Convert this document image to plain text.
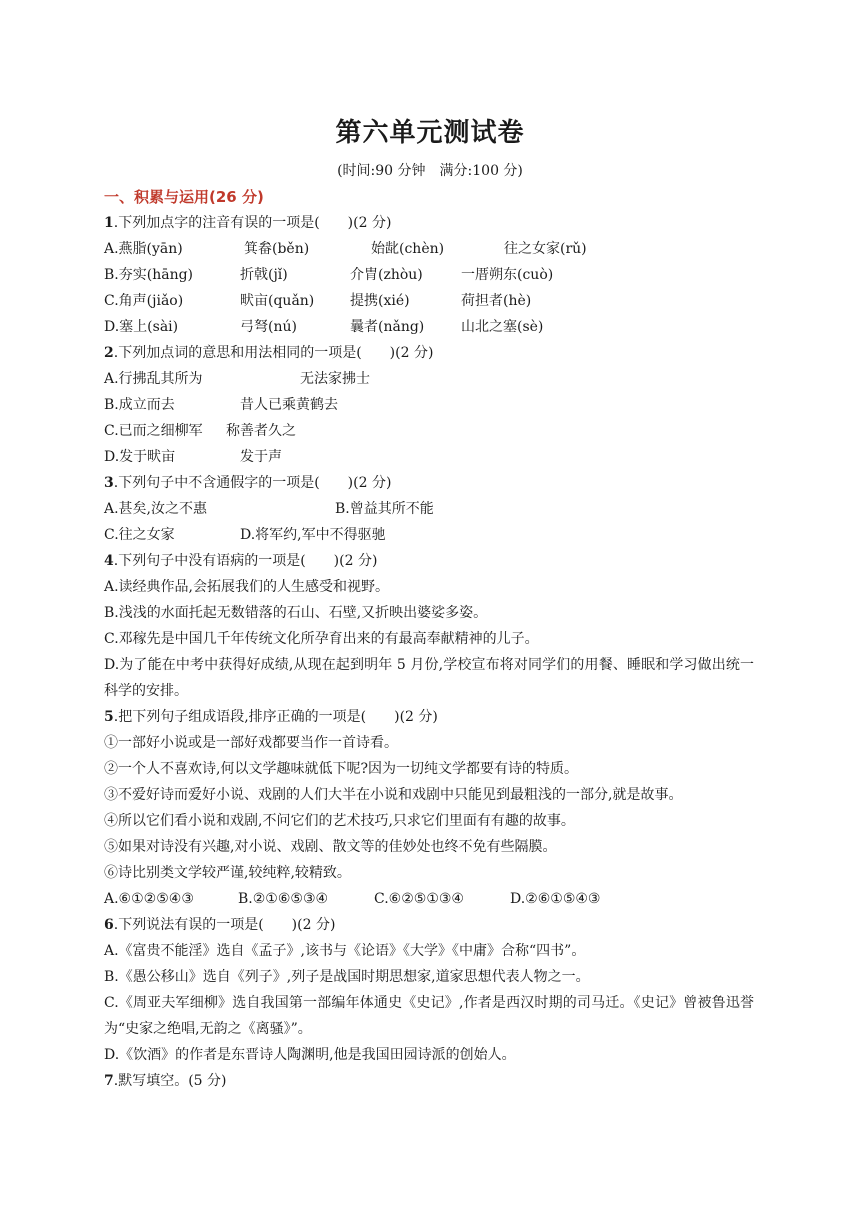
第六单元测试卷
(时间:90 分钟　满分:100 分)
一、积累与运用(26 分)
1.下列加点字的注音有误的一项是(　　)(2 分)
A.燕脂(yān)	箕畚(běn)	始龀(chèn)	往之女家(rǔ)
B.夯实(hāng)	折戟(jǐ)	介胄(zhòu)	一厝朔东(cuò)
C.角声(jiǎo)	畎亩(quǎn)	提携(xié)	荷担者(hè)
D.塞上(sài)	弓弩(nú)	曩者(nǎng)	山北之塞(sè)
2.下列加点词的意思和用法相同的一项是(　　)(2 分)
A.行拂乱其所为	无法家拂士
B.成立而去	昔人已乘黄鹤去
C.已而之细柳军 称善者久之
D.发于畎亩	发于声
3.下列句子中不含通假字的一项是(　　)(2 分)
A.甚矣,汝之不惠	B.曾益其所不能
C.往之女家	D.将军约,军中不得驱驰
4.下列句子中没有语病的一项是(　　)(2 分)
A.读经典作品,会拓展我们的人生感受和视野。
B.浅浅的水面托起无数错落的石山、石壁,又折映出婆娑多姿。
C.邓稼先是中国几千年传统文化所孕育出来的有最高奉献精神的儿子。
D.为了能在中考中获得好成绩,从现在起到明年 5 月份,学校宣布将对同学们的用餐、睡眠和学习做出统一科学的安排。
5.把下列句子组成语段,排序正确的一项是(　　)(2 分)
①一部好小说或是一部好戏都要当作一首诗看。
②一个人不喜欢诗,何以文学趣味就低下呢?因为一切纯文学都要有诗的特质。
③不爱好诗而爱好小说、戏剧的人们大半在小说和戏剧中只能见到最粗浅的一部分,就是故事。
④所以它们看小说和戏剧,不问它们的艺术技巧,只求它们里面有有趣的故事。
⑤如果对诗没有兴趣,对小说、戏剧、散文等的佳妙处也终不免有些隔膜。
⑥诗比别类文学较严谨,较纯粹,较精致。
A.⑥①②⑤④③	B.②①⑥⑤③④	C.⑥②⑤①③④	D.②⑥①⑤④③
6.下列说法有误的一项是(　　)(2 分)
A.《富贵不能淫》选自《孟子》,该书与《论语》《大学》《中庸》合称“四书”。
B.《愚公移山》选自《列子》,列子是战国时期思想家,道家思想代表人物之一。
C.《周亚夫军细柳》选自我国第一部编年体通史《史记》,作者是西汉时期的司马迁。《史记》曾被鲁迅誉为“史家之绝唱,无韵之《离骚》”。
D.《饮酒》的作者是东晋诗人陶渊明,他是我国田园诗派的创始人。
7.默写填空。(5 分)
